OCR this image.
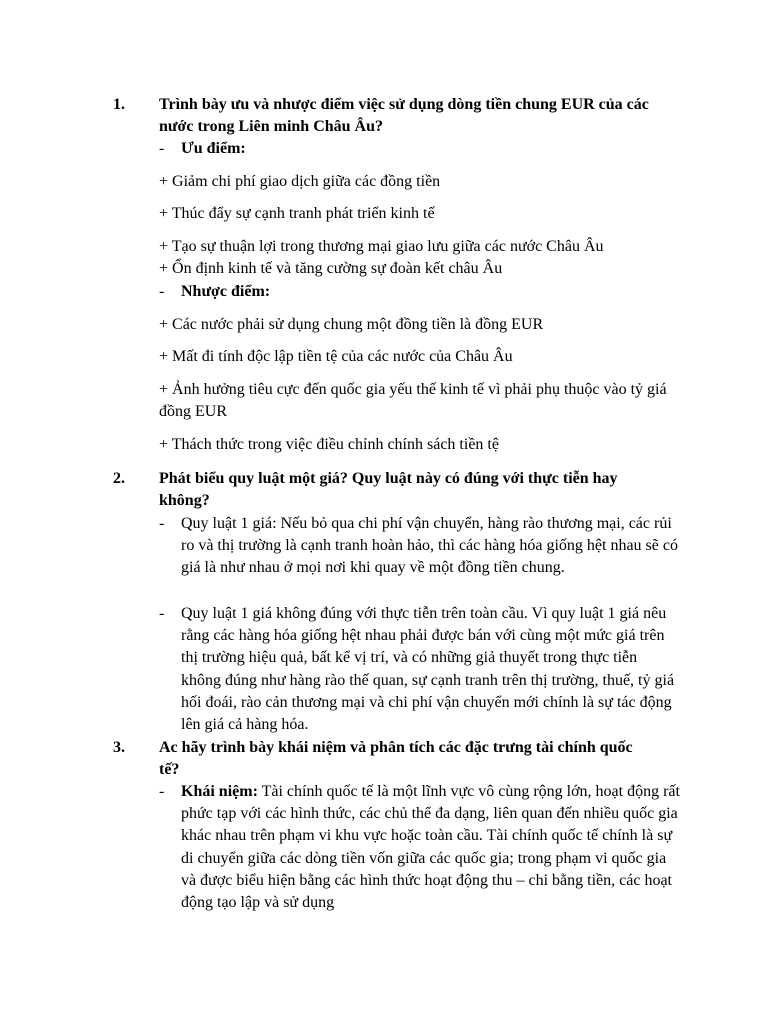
1. Trình bày ưu và nhược điểm việc sử dụng dòng tiền chung EUR của các nước trong Liên minh Châu Âu?
- Ưu điểm:
+ Giảm chi phí giao dịch giữa các đồng tiền
+ Thúc đẩy sự cạnh tranh phát triển kinh tế
+ Tạo sự thuận lợi trong thương mại giao lưu giữa các nước Châu Âu
+ Ổn định kinh tế và tăng cường sự đoàn kết châu Âu
- Nhược điểm:
+ Các nước phải sử dụng chung một đồng tiền là đồng EUR
+ Mất đi tính độc lập tiền tệ của các nước của Châu Âu
+ Ảnh hưởng tiêu cực đến quốc gia yếu thế kinh tế vì phải phụ thuộc vào tỷ giá đồng EUR
+ Thách thức trong việc điều chỉnh chính sách tiền tệ
2. Phát biểu quy luật một giá? Quy luật này có đúng với thực tiễn hay không?
- Quy luật 1 giá: Nếu bỏ qua chi phí vận chuyển, hàng rào thương mại, các rủi ro và thị trường là cạnh tranh hoàn hảo, thì các hàng hóa giống hệt nhau sẽ có giá là như nhau ở mọi nơi khi quay về một đồng tiền chung.
- Quy luật 1 giá không đúng với thực tiễn trên toàn cầu. Vì quy luật 1 giá nêu rằng các hàng hóa giống hệt nhau phải được bán với cùng một mức giá trên thị trường hiệu quả, bất kể vị trí, và có những giả thuyết trong thực tiễn không đúng như hàng rào thế quan, sự cạnh tranh trên thị trường, thuế, tỷ giá hối đoái, rào cản thương mại và chi phí vận chuyển mới chính là sự tác động lên giá cả hàng hóa.
3. Ac hãy trình bày khái niệm và phân tích các đặc trưng tài chính quốc tế?
- Khái niệm: Tài chính quốc tế là một lĩnh vực vô cùng rộng lớn, hoạt động rất phức tạp với các hình thức, các chủ thể đa dạng, liên quan đến nhiều quốc gia khác nhau trên phạm vi khu vực hoặc toàn cầu. Tài chính quốc tế chính là sự di chuyển giữa các dòng tiền vốn giữa các quốc gia; trong phạm vi quốc gia và được biểu hiện bằng các hình thức hoạt động thu – chi bằng tiền, các hoạt động tạo lập và sử dụng
